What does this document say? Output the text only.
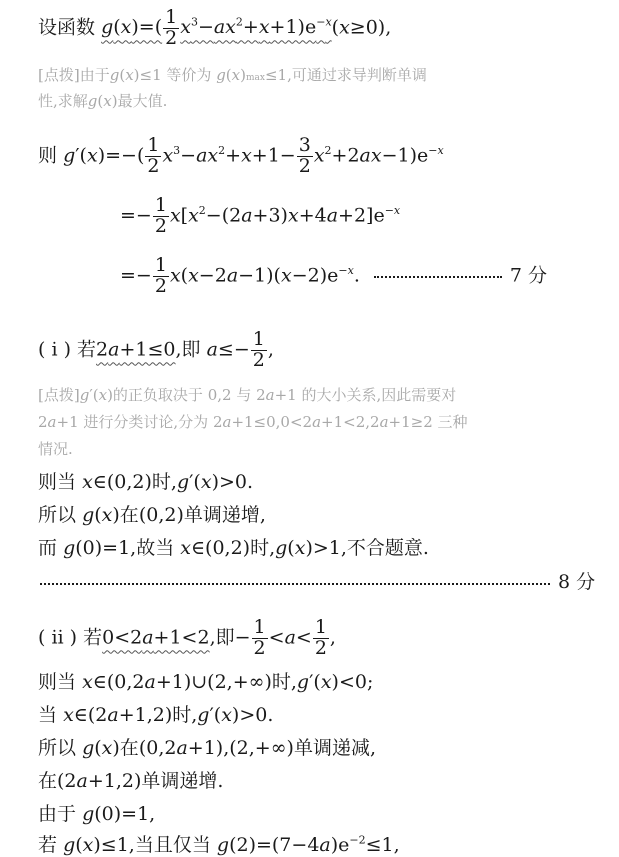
设函数 $g(x)=( \frac{1}{2} x^3-ax^2+x+1)e^{-x}(x\ge 0)$,
[点拨]由于g(x)≤1 等价为 g(x)max≤1,可通过求导判断单调
性,求解g(x)最大值.
则 $g'(x)=-( \frac{1}{2} x^3-ax^2+x+1- \frac{3}{2} x^2+2ax-1)e^{-x}$
=− $\frac{1}{2} x[x^2-(2a+3)x+4a+2]e^{-x}$
=− $\frac{1}{2} x(x-2a-1)(x-2)e^{-x}$.	7 分
( ⅰ ) 若2a+1≤0,即 $a\le- \frac{1}{2}$ ,
[点拨]g′(x)的正负取决于 0,2 与 2a+1 的大小关系,因此需要对
2a+1 进行分类讨论,分为 2a+1≤0,0<2a+1<2,2a+1≥2 三种
情况.
则当 x∈(0,2)时,g′(x)>0.
所以 g(x)在(0,2)单调递增,
而 g(0)=1,故当 x∈(0,2)时,g(x)>1,不合题意.
8 分
( ⅱ ) 若0<2a+1<2,即− $\frac{1}{2} <a< \frac{1}{2}$ ,
则当 x∈(0,2a+1)∪(2,+∞)时,g′(x)<0;
当 x∈(2a+1,2)时,g′(x)>0.
所以 g(x)在(0,2a+1),(2,+∞)单调递减,
在(2a+1,2)单调递增.
由于 g(0)=1,
若 g(x)≤1,当且仅当 $g(2)=(7-4a)e^{-2}\le 1$,
